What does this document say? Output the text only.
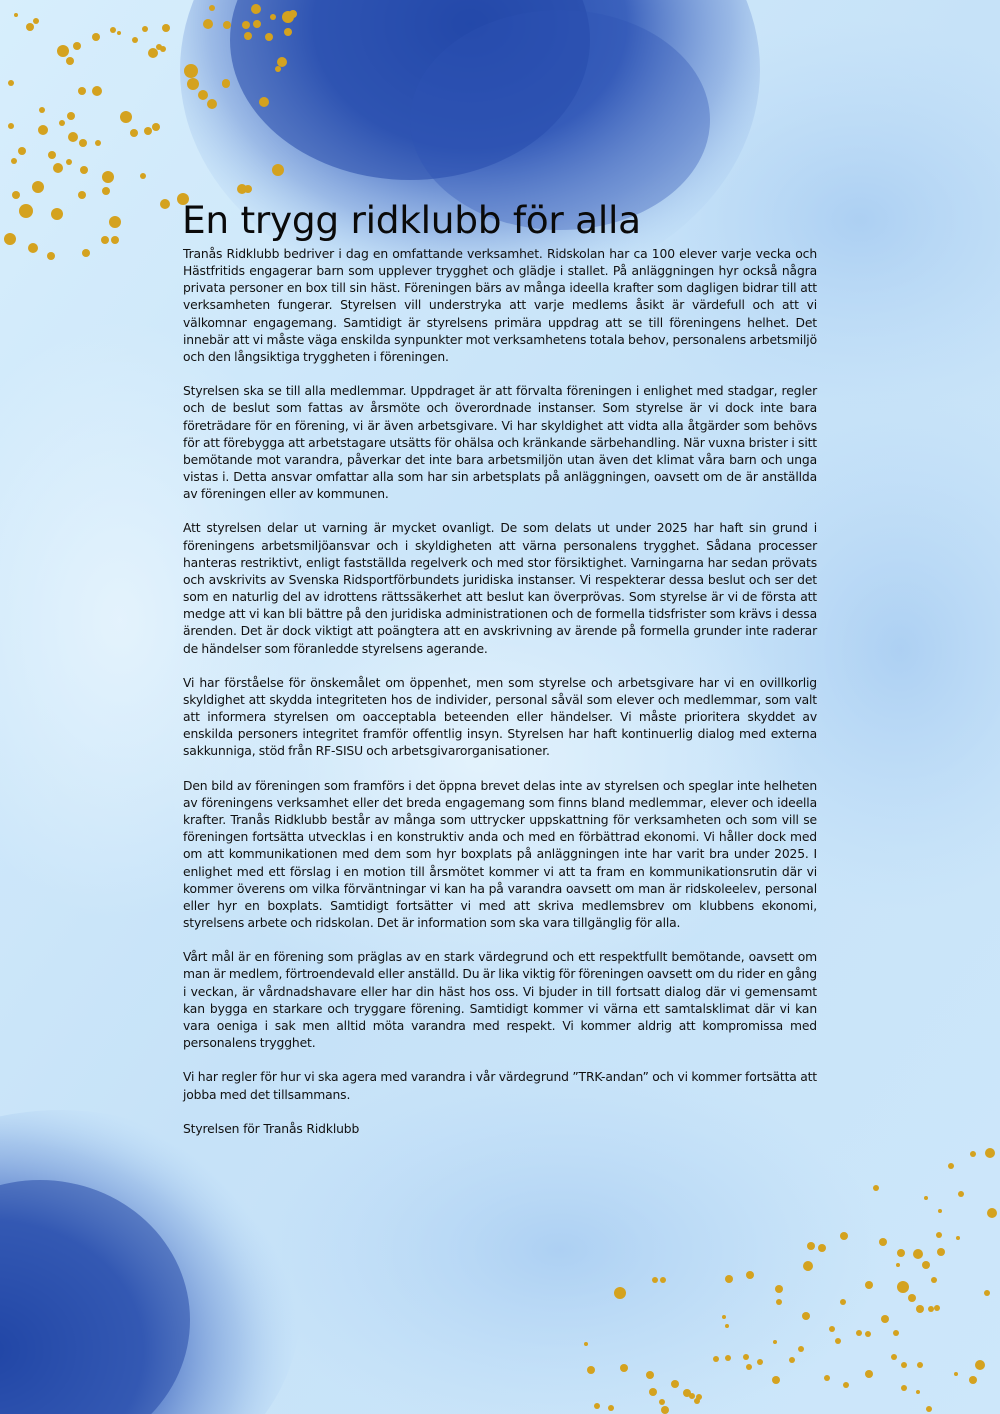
En trygg ridklubb för alla

Tranås Ridklubb bedriver i dag en omfattande verksamhet. Ridskolan har ca 100 elever varje vecka och Hästfritids engagerar barn som upplever trygghet och glädje i stallet. På anläggningen hyr också några privata personer en box till sin häst. Föreningen bärs av många ideella krafter som dagligen bidrar till att verksamheten fungerar. Styrelsen vill understryka att varje medlems åsikt är värdefull och att vi välkomnar engagemang. Samtidigt är styrelsens primära uppdrag att se till föreningens helhet. Det innebär att vi måste väga enskilda synpunkter mot verksamhetens totala behov, personalens arbetsmiljö och den långsiktiga tryggheten i föreningen.

Styrelsen ska se till alla medlemmar. Uppdraget är att förvalta föreningen i enlighet med stadgar, regler och de beslut som fattas av årsmöte och överordnade instanser. Som styrelse är vi dock inte bara företrädare för en förening, vi är även arbetsgivare. Vi har skyldighet att vidta alla åtgärder som behövs för att förebygga att arbetstagare utsätts för ohälsa och kränkande särbehandling. När vuxna brister i sitt bemötande mot varandra, påverkar det inte bara arbetsmiljön utan även det klimat våra barn och unga vistas i. Detta ansvar omfattar alla som har sin arbetsplats på anläggningen, oavsett om de är anställda av föreningen eller av kommunen.

Att styrelsen delar ut varning är mycket ovanligt. De som delats ut under 2025 har haft sin grund i föreningens arbetsmiljöansvar och i skyldigheten att värna personalens trygghet. Sådana processer hanteras restriktivt, enligt fastställda regelverk och med stor försiktighet. Varningarna har sedan prövats och avskrivits av Svenska Ridsportförbundets juridiska instanser. Vi respekterar dessa beslut och ser det som en naturlig del av idrottens rättssäkerhet att beslut kan överprövas. Som styrelse är vi de första att medge att vi kan bli bättre på den juridiska administrationen och de formella tidsfrister som krävs i dessa ärenden. Det är dock viktigt att poängtera att en avskrivning av ärende på formella grunder inte raderar de händelser som föranledde styrelsens agerande.

Vi har förståelse för önskemålet om öppenhet, men som styrelse och arbetsgivare har vi en ovillkorlig skyldighet att skydda integriteten hos de individer, personal såväl som elever och medlemmar, som valt att informera styrelsen om oacceptabla beteenden eller händelser. Vi måste prioritera skyddet av enskilda personers integritet framför offentlig insyn. Styrelsen har haft kontinuerlig dialog med externa sakkunniga, stöd från RF-SISU och arbetsgivarorganisationer.

Den bild av föreningen som framförs i det öppna brevet delas inte av styrelsen och speglar inte helheten av föreningens verksamhet eller det breda engagemang som finns bland medlemmar, elever och ideella krafter. Tranås Ridklubb består av många som uttrycker uppskattning för verksamheten och som vill se föreningen fortsätta utvecklas i en konstruktiv anda och med en förbättrad ekonomi. Vi håller dock med om att kommunikationen med dem som hyr boxplats på anläggningen inte har varit bra under 2025. I enlighet med ett förslag i en motion till årsmötet kommer vi att ta fram en kommunikationsrutin där vi kommer överens om vilka förväntningar vi kan ha på varandra oavsett om man är ridskoleelev, personal eller hyr en boxplats. Samtidigt fortsätter vi med att skriva medlemsbrev om klubbens ekonomi, styrelsens arbete och ridskolan. Det är information som ska vara tillgänglig för alla.

Vårt mål är en förening som präglas av en stark värdegrund och ett respektfullt bemötande, oavsett om man är medlem, förtroendevald eller anställd. Du är lika viktig för föreningen oavsett om du rider en gång i veckan, är vårdnadshavare eller har din häst hos oss. Vi bjuder in till fortsatt dialog där vi gemensamt kan bygga en starkare och tryggare förening. Samtidigt kommer vi värna ett samtalsklimat där vi kan vara oeniga i sak men alltid möta varandra med respekt. Vi kommer aldrig att kompromissa med personalens trygghet.

Vi har regler för hur vi ska agera med varandra i vår värdegrund ”TRK-andan” och vi kommer fortsätta att jobba med det tillsammans.

Styrelsen för Tranås Ridklubb
